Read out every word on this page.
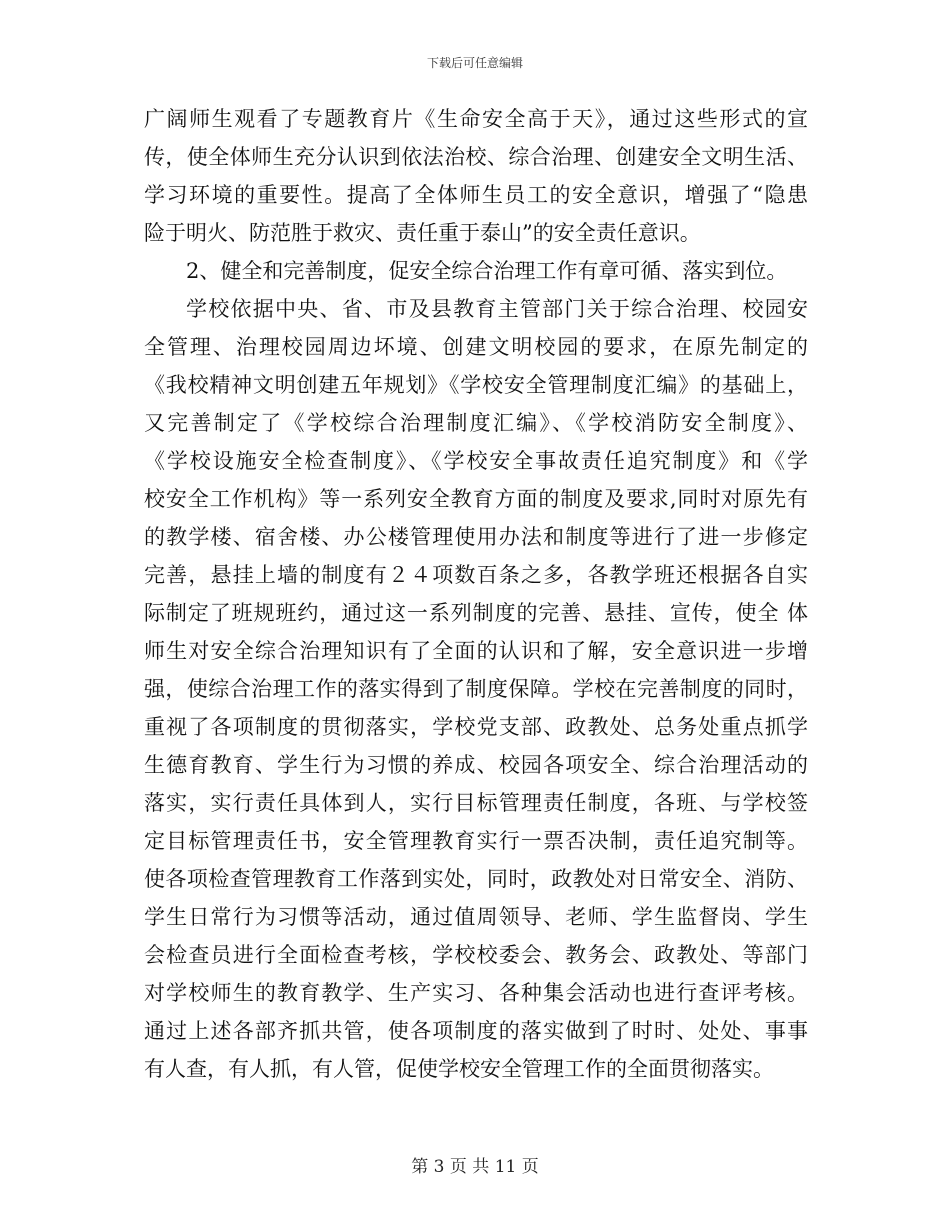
下载后可任意编辑
广阔师生观看了专题教育片《生命安全高于天》，通过这些形式的宣
传，使全体师生充分认识到依法治校、综合治理、创建安全文明生活、
学习环境的重要性。提高了全体师生员工的安全意识，增强了“隐患
险于明火、防范胜于救灾、责任重于泰山”的安全责任意识。
2、健全和完善制度，促安全综合治理工作有章可循、落实到位。
学校依据中央、省、市及县教育主管部门关于综合治理、校园安
全管理、治理校园周边坏境、创建文明校园的要求，在原先制定的
《我校精神文明创建五年规划》《学校安全管理制度汇编》的基础上，
又完善制定了《学校综合治理制度汇编》、《学校消防安全制度》、
《学校设施安全检查制度》、《学校安全事故责任追究制度》和《学
校安全工作机构》等一系列安全教育方面的制度及要求,同时对原先有
的教学楼、宿舍楼、办公楼管理使用办法和制度等进行了进一步修定
完善，悬挂上墙的制度有２４项数百条之多，各教学班还根据各自实
际制定了班规班约，通过这一系列制度的完善、悬挂、宣传，使全 体
师生对安全综合治理知识有了全面的认识和了解，安全意识进一步增
强，使综合治理工作的落实得到了制度保障。学校在完善制度的同时，
重视了各项制度的贯彻落实，学校党支部、政教处、总务处重点抓学
生德育教育、学生行为习惯的养成、校园各项安全、综合治理活动的
落实，实行责任具体到人，实行目标管理责任制度，各班、与学校签
定目标管理责任书，安全管理教育实行一票否决制，责任追究制等。
使各项检查管理教育工作落到实处，同时，政教处对日常安全、消防、
学生日常行为习惯等活动，通过值周领导、老师、学生监督岗、学生
会检查员进行全面检查考核，学校校委会、教务会、政教处、等部门
对学校师生的教育教学、生产实习、各种集会活动也进行查评考核。
通过上述各部齐抓共管，使各项制度的落实做到了时时、处处、事事
有人查，有人抓，有人管，促使学校安全管理工作的全面贯彻落实。
第 3 页 共 11 页
